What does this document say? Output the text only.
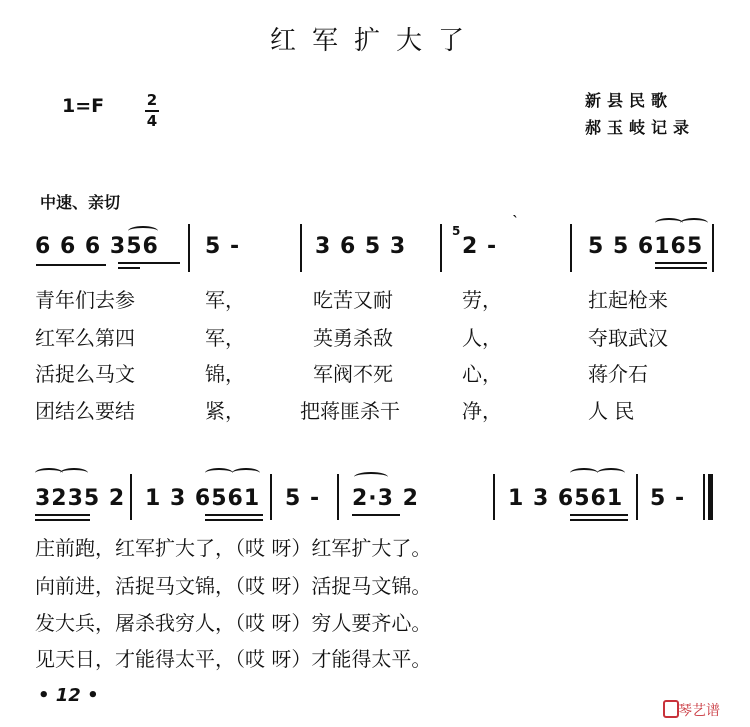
红军扩大了
1=F	2
4
新县民歌
郝玉岐记录
中速、亲切
6 6 6 356 5 -	3 6 5 3
5
2 -	5 5 6165
`
青年们去参	军，	吃苦又耐	劳，	扛起枪来
红军么第四	军，	英勇杀敌	人，	夺取武汉
活捉么马文	锦，	军阀不死	心，	蒋介石
团结么要结	紧，	把蒋匪杀干	净，	人 民
3235 2 1 3 6561 5 - 2·3 2	1 3 6561 5 -
庄前跑，红军扩大了，（哎 呀）红军扩大了。
向前进，活捉马文锦，（哎 呀）活捉马文锦。
发大兵，屠杀我穷人，（哎 呀）穷人要齐心。
见天日，才能得太平，（哎 呀）才能得太平。
• 12 •
琴艺谱
